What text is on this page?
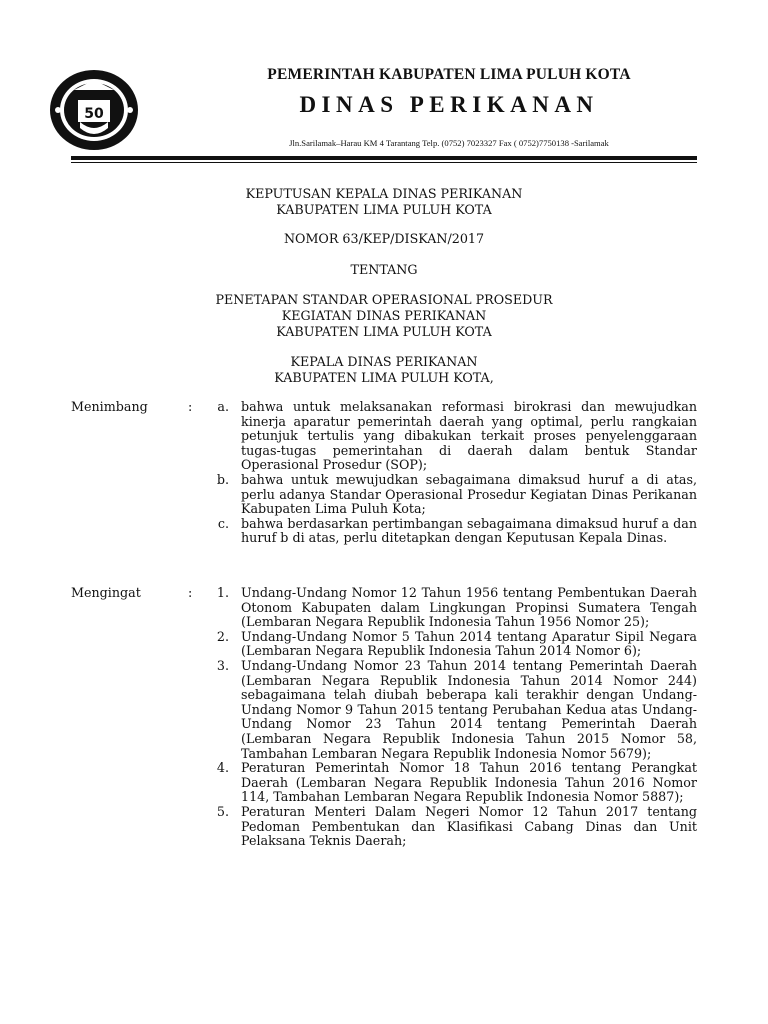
50
PEMERINTAH KABUPATEN LIMA PULUH KOTA
DINAS PERIKANAN
Jln.Sarilamak–Harau KM 4 Tarantang Telp. (0752) 7023327 Fax ( 0752)7750138 -Sarilamak
KEPUTUSAN KEPALA DINAS PERIKANAN
KABUPATEN LIMA PULUH KOTA
NOMOR 63/KEP/DISKAN/2017
TENTANG
PENETAPAN STANDAR OPERASIONAL PROSEDUR
KEGIATAN DINAS PERIKANAN
KABUPATEN LIMA PULUH KOTA
KEPALA DINAS PERIKANAN
KABUPATEN LIMA PULUH KOTA,
Menimbang	:	a. bahwa untuk melaksanakan reformasi birokrasi dan mewujudkan kinerja aparatur pemerintah daerah yang optimal, perlu rangkaian petunjuk tertulis yang dibakukan terkait proses penyelenggaraan tugas-tugas pemerintahan di daerah dalam bentuk Standar Operasional Prosedur (SOP);
b. bahwa untuk mewujudkan sebagaimana dimaksud huruf a di atas, perlu adanya Standar Operasional Prosedur Kegiatan Dinas Perikanan Kabupaten Lima Puluh Kota;
c. bahwa berdasarkan pertimbangan sebagaimana dimaksud huruf a dan huruf b di atas, perlu ditetapkan dengan Keputusan Kepala Dinas.
Mengingat	:	1. Undang-Undang Nomor 12 Tahun 1956 tentang Pembentukan Daerah Otonom Kabupaten dalam Lingkungan Propinsi Sumatera Tengah (Lembaran Negara Republik Indonesia Tahun 1956 Nomor 25);
2. Undang-Undang Nomor 5 Tahun 2014 tentang Aparatur Sipil Negara (Lembaran Negara Republik Indonesia Tahun 2014 Nomor 6);
3. Undang-Undang Nomor 23 Tahun 2014 tentang Pemerintah Daerah (Lembaran Negara Republik Indonesia Tahun 2014 Nomor 244) sebagaimana telah diubah beberapa kali terakhir dengan Undang-Undang Nomor 9 Tahun 2015 tentang Perubahan Kedua atas Undang-Undang Nomor 23 Tahun 2014 tentang Pemerintah Daerah (Lembaran Negara Republik Indonesia Tahun 2015 Nomor 58, Tambahan Lembaran Negara Republik Indonesia Nomor 5679);
4. Peraturan Pemerintah Nomor 18 Tahun 2016 tentang Perangkat Daerah (Lembaran Negara Republik Indonesia Tahun 2016 Nomor 114, Tambahan Lembaran Negara Republik Indonesia Nomor 5887);
5. Peraturan Menteri Dalam Negeri Nomor 12 Tahun 2017 tentang Pedoman Pembentukan dan Klasifikasi Cabang Dinas dan Unit Pelaksana Teknis Daerah;
